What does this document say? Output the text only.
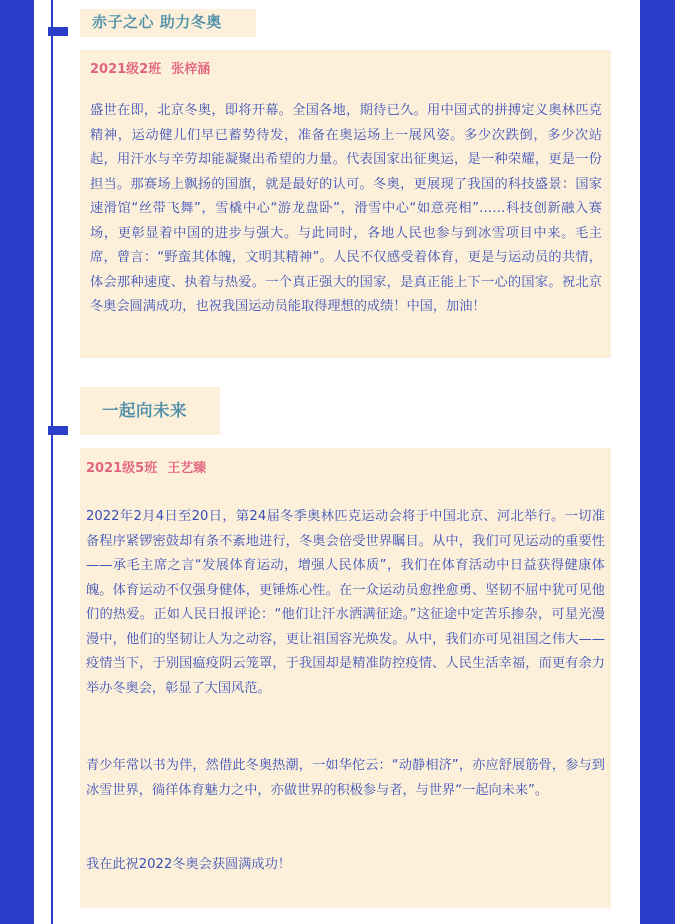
赤子之心 助力冬奥
2021级2班 张梓涵

盛世在即，北京冬奥，即将开幕。全国各地，期待已久。用中国式的拼搏定义奥林匹克精神，运动健儿们早已蓄势待发，准备在奥运场上一展风姿。多少次跌倒，多少次站起，用汗水与辛劳却能凝聚出希望的力量。代表国家出征奥运，是一种荣耀，更是一份担当。那赛场上飘扬的国旗，就是最好的认可。冬奥，更展现了我国的科技盛景：国家速滑馆“丝带飞舞”，雪橇中心“游龙盘卧”，滑雪中心“如意亮相”……科技创新融入赛场，更彰显着中国的进步与强大。与此同时，各地人民也参与到冰雪项目中来。毛主席，曾言：“野蛮其体魄，文明其精神”。人民不仅感受着体育，更是与运动员的共情，体会那种速度、执着与热爱。一个真正强大的国家，是真正能上下一心的国家。祝北京冬奥会圆满成功，也祝我国运动员能取得理想的成绩！中国，加油！

一起向未来
2021级5班 王艺臻

2022年2月4日至20日，第24届冬季奥林匹克运动会将于中国北京、河北举行。一切准备程序紧锣密鼓却有条不紊地进行，冬奥会倍受世界瞩目。从中，我们可见运动的重要性——承毛主席之言“发展体育运动，增强人民体质”，我们在体育活动中日益获得健康体魄。体育运动不仅强身健体，更锤炼心性。在一众运动员愈挫愈勇、坚韧不屈中犹可见他们的热爱。正如人民日报评论：“他们让汗水洒满征途。”这征途中定苦乐掺杂，可星光漫漫中，他们的坚韧让人为之动容，更让祖国容光焕发。从中，我们亦可见祖国之伟大——疫情当下，于别国瘟疫阴云笼罩，于我国却是精准防控疫情、人民生活幸福，而更有余力举办冬奥会，彰显了大国风范。

青少年常以书为伴，然借此冬奥热潮，一如华佗云：“动静相济”，亦应舒展筋骨，参与到冰雪世界，徜徉体育魅力之中，亦做世界的积极参与者，与世界“一起向未来”。

我在此祝2022冬奥会获圆满成功！
